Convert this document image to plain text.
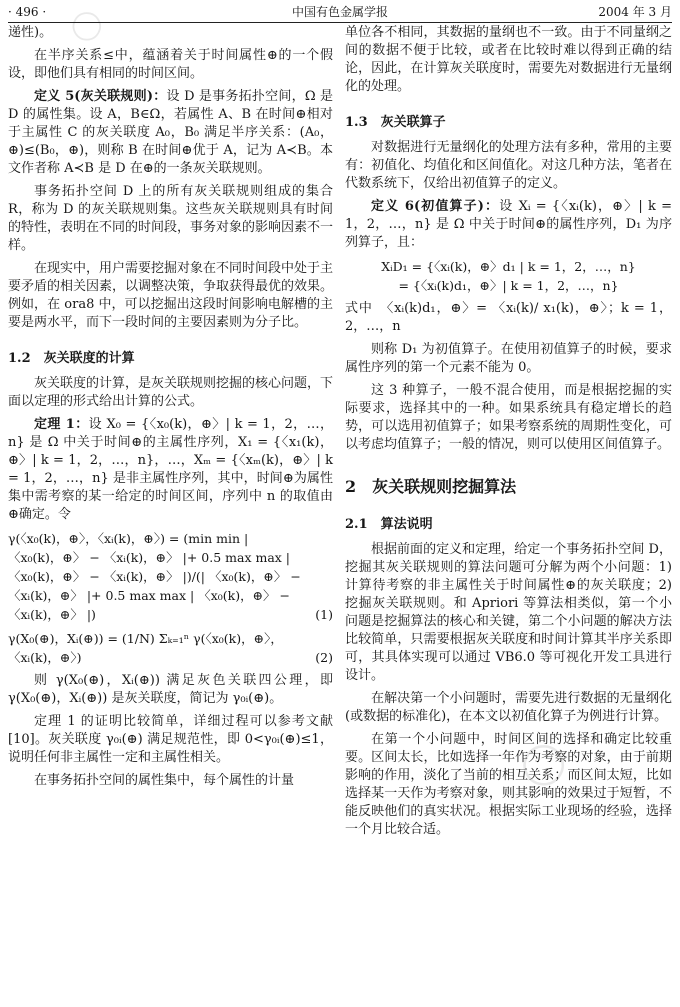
◯
◯
· 496 ·	中国有色金属学报	2004 年 3 月

递性)。

在半序关系≤中，蕴涵着关于时间属性⊕的一个假设，即他们具有相同的时间区间。

定义 5(灰关联规则)：设 D 是事务拓扑空间，Ω 是 D 的属性集。设 A，B∈Ω，若属性 A、B 在时间⊕相对于主属性 C 的灰关联度 A₀，B₀ 满足半序关系：(A₀，⊕)≤(B₀，⊕)，则称 B 在时间⊕优于 A，记为 A≺B。本文作者称 A≺B 是 D 在⊕的一条灰关联规则。

事务拓扑空间 D 上的所有灰关联规则组成的集合 R，称为 D 的灰关联规则集。这些灰关联规则具有时间的特性，表明在不同的时间段，事务对象的影响因素不一样。

在现实中，用户需要挖掘对象在不同时间段中处于主要矛盾的相关因素，以调整决策，争取获得最优的效果。例如，在 ora8 中，可以挖掘出这段时间影响电解槽的主要是两水平，而下一段时间的主要因素则为分子比。

1.2　灰关联度的计算

灰关联度的计算，是灰关联规则挖掘的核心问题，下面以定理的形式给出计算的公式。

定理 1：设 X₀ = {〈x₀(k)，⊕〉| k = 1，2，…，n} 是 Ω 中关于时间⊕的主属性序列，X₁ = {〈x₁(k)，⊕〉| k = 1，2，…，n}，…，Xₘ = {〈xₘ(k)，⊕〉| k = 1，2，…，n} 是非主属性序列，其中，时间⊕为属性集中需考察的某一给定的时间区间，序列中 n 的取值由⊕确定。令

γ(〈x₀(k)，⊕〉，〈xᵢ(k)，⊕〉) = (min min |
〈x₀(k)，⊕〉 − 〈xᵢ(k)，⊕〉 |+ 0.5 max max |
〈x₀(k)，⊕〉 − 〈xᵢ(k)，⊕〉 |)/(| 〈x₀(k)，⊕〉 −
〈xᵢ(k)，⊕〉 |+ 0.5 max max | 〈x₀(k)，⊕〉 −
〈xᵢ(k)，⊕〉 |)	(1)
γ(X₀(⊕)，Xᵢ(⊕)) = (1/N) Σₖ₌₁ⁿ γ(〈x₀(k)，⊕〉，
〈xᵢ(k)，⊕〉)	(2)

则 γ(X₀(⊕)，Xᵢ(⊕)) 满足灰色关联四公理，即 γ(X₀(⊕)，Xᵢ(⊕)) 是灰关联度，简记为 γ₀ᵢ(⊕)。

定理 1 的证明比较简单，详细过程可以参考文献[10]。灰关联度 γ₀ᵢ(⊕) 满足规范性，即 0<γ₀ᵢ(⊕)≤1，说明任何非主属性一定和主属性相关。

在事务拓扑空间的属性集中，每个属性的计量

单位各不相同，其数据的量纲也不一致。由于不同量纲之间的数据不便于比较，或者在比较时难以得到正确的结论，因此，在计算灰关联度时，需要先对数据进行无量纲化的处理。

1.3　灰关联算子

对数据进行无量纲化的处理方法有多种，常用的主要有：初值化、均值化和区间值化。对这几种方法，笔者在代数系统下，仅给出初值算子的定义。

定义 6(初值算子)：设 Xᵢ = {〈xᵢ(k)，⊕〉| k = 1，2，…，n} 是 Ω 中关于时间⊕的属性序列，D₁ 为序列算子，且：

XᵢD₁ = {〈xᵢ(k)，⊕〉d₁ | k = 1，2，…，n}
= {〈xᵢ(k)d₁，⊕〉| k = 1，2，…，n}

式中　〈xᵢ(k)d₁，⊕〉= 〈xᵢ(k)/ x₁(k)，⊕〉；k = 1，2，…，n

则称 D₁ 为初值算子。在使用初值算子的时候，要求属性序列的第一个元素不能为 0。

这 3 种算子，一般不混合使用，而是根据挖掘的实际要求，选择其中的一种。如果系统具有稳定增长的趋势，可以选用初值算子；如果考察系统的周期性变化，可以考虑均值算子；一般的情况，则可以使用区间值算子。

2　灰关联规则挖掘算法
2.1　算法说明

根据前面的定义和定理，给定一个事务拓扑空间 D，挖掘其灰关联规则的算法问题可分解为两个小问题：1) 计算待考察的非主属性关于时间属性⊕的灰关联度；2) 挖掘灰关联规则。和 Apriori 等算法相类似，第一个小问题是挖掘算法的核心和关键，第二个小问题的解决方法比较简单，只需要根据灰关联度和时间计算其半序关系即可，其具体实现可以通过 VB6.0 等可视化开发工具进行设计。

在解决第一个小问题时，需要先进行数据的无量纲化(或数据的标准化)，在本文以初值化算子为例进行计算。

在第一个小问题中，时间区间的选择和确定比较重要。区间太长，比如选择一年作为考察的对象，由于前期影响的作用，淡化了当前的相互关系；而区间太短，比如选择某一天作为考察对象，则其影响的效果过于短暂，不能反映他们的真实状况。根据实际工业现场的经验，选择一个月比较合适。
